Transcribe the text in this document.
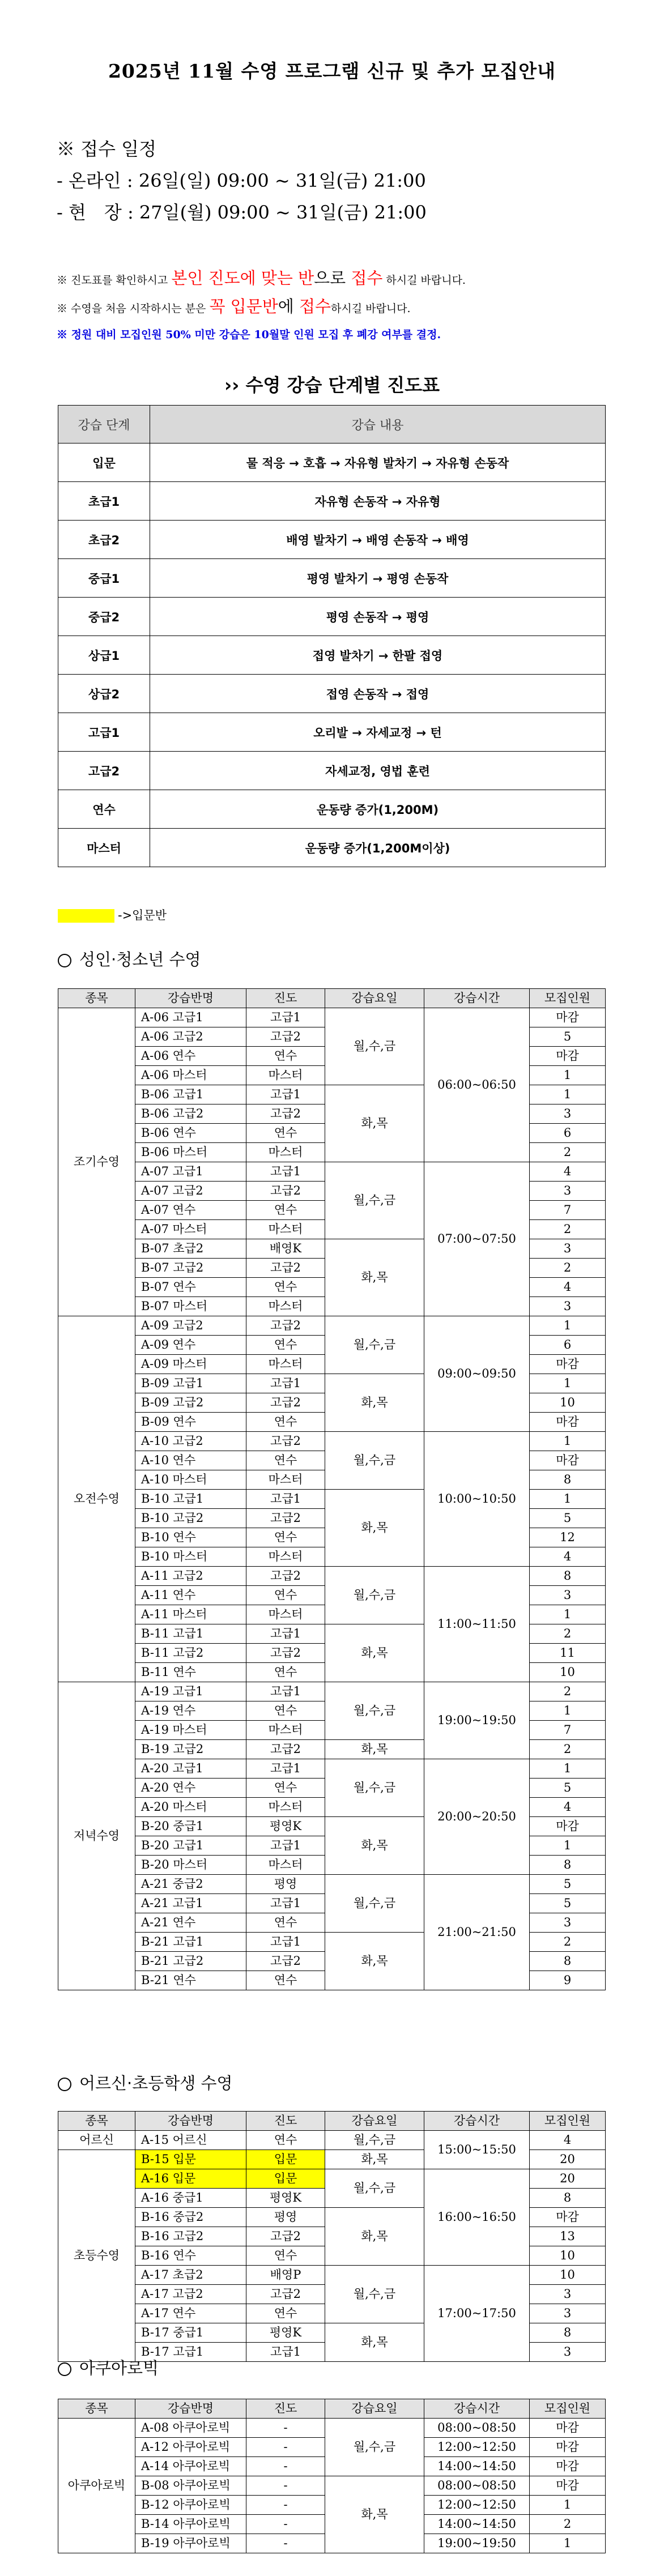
2025년 11월 수영 프로그램 신규 및 추가 모집안내
※ 접수 일정
- 온라인 : 26일(일) 09:00 ~ 31일(금) 21:00
- 현　장 : 27일(월) 09:00 ~ 31일(금) 21:00
※ 진도표를 확인하시고 본인 진도에 맞는 반으로 접수 하시길 바랍니다.
※ 수영을 처음 시작하시는 분은 꼭 입문반에 접수하시길 바랍니다.
※ 정원 대비 모집인원 50% 미만 강습은 10월말 인원 모집 후 폐강 여부를 결정.
›› 수영 강습 단계별 진도표
강습 단계	강습 내용
입문	물 적응 → 호흡 → 자유형 발차기 → 자유형 손동작
초급1	자유형 손동작 → 자유형
초급2	배영 발차기 → 배영 손동작 → 배영
중급1	평영 발차기 → 평영 손동작
중급2	평영 손동작 → 평영
상급1	접영 발차기 → 한팔 접영
상급2	접영 손동작 → 접영
고급1	오리발 → 자세교정 → 턴
고급2	자세교정, 영법 훈련
연수	운동량 증가(1,200M)
마스터	운동량 증가(1,200M이상)
->입문반
성인·청소년 수영
종목	강습반명	진도	강습요일	강습시간	모집인원
조기수영	A-06 고급1	고급1	월,수,금	06:00~06:50	마감
	A-06 고급2	고급2			5
	A-06 연수	연수			마감
	A-06 마스터	마스터			1
	B-06 고급1	고급1	화,목		1
	B-06 고급2	고급2			3
	B-06 연수	연수			6
	B-06 마스터	마스터			2
	A-07 고급1	고급1	월,수,금	07:00~07:50	4
	A-07 고급2	고급2			3
	A-07 연수	연수			7
	A-07 마스터	마스터			2
	B-07 초급2	배영K	화,목		3
	B-07 고급2	고급2			2
	B-07 연수	연수			4
	B-07 마스터	마스터			3
오전수영	A-09 고급2	고급2	월,수,금	09:00~09:50	1
	A-09 연수	연수			6
	A-09 마스터	마스터			마감
	B-09 고급1	고급1	화,목		1
	B-09 고급2	고급2			10
	B-09 연수	연수			마감
	A-10 고급2	고급2	월,수,금	10:00~10:50	1
	A-10 연수	연수			마감
	A-10 마스터	마스터			8
	B-10 고급1	고급1	화,목		1
	B-10 고급2	고급2			5
	B-10 연수	연수			12
	B-10 마스터	마스터			4
	A-11 고급2	고급2	월,수,금	11:00~11:50	8
	A-11 연수	연수			3
	A-11 마스터	마스터			1
	B-11 고급1	고급1	화,목		2
	B-11 고급2	고급2			11
	B-11 연수	연수			10
저녁수영	A-19 고급1	고급1	월,수,금	19:00~19:50	2
	A-19 연수	연수			1
	A-19 마스터	마스터			7
	B-19 고급2	고급2	화,목		2
	A-20 고급1	고급1	월,수,금	20:00~20:50	1
	A-20 연수	연수			5
	A-20 마스터	마스터			4
	B-20 중급1	평영K	화,목		마감
	B-20 고급1	고급1			1
	B-20 마스터	마스터			8
	A-21 중급2	평영	월,수,금	21:00~21:50	5
	A-21 고급1	고급1			5
	A-21 연수	연수			3
	B-21 고급1	고급1	화,목		2
	B-21 고급2	고급2			8
	B-21 연수	연수			9
어르신·초등학생 수영
종목	강습반명	진도	강습요일	강습시간	모집인원
어르신	A-15 어르신	연수	월,수,금	15:00~15:50	4
초등수영	B-15 입문	입문	화,목		20
	A-16 입문	입문	월,수,금	16:00~16:50	20
	A-16 중급1	평영K			8
	B-16 중급2	평영	화,목		마감
	B-16 고급2	고급2			13
	B-16 연수	연수			10
	A-17 초급2	배영P	월,수,금	17:00~17:50	10
	A-17 고급2	고급2			3
	A-17 연수	연수			3
	B-17 중급1	평영K	화,목		8
	B-17 고급1	고급1			3
아쿠아로빅
종목	강습반명	진도	강습요일	강습시간	모집인원
아쿠아로빅	A-08 아쿠아로빅	-	월,수,금	08:00~08:50	마감
	A-12 아쿠아로빅	-		12:00~12:50	마감
	A-14 아쿠아로빅	-		14:00~14:50	마감
	B-08 아쿠아로빅	-	화,목	08:00~08:50	마감
	B-12 아쿠아로빅	-		12:00~12:50	1
	B-14 아쿠아로빅	-		14:00~14:50	2
	B-19 아쿠아로빅	-		19:00~19:50	1
